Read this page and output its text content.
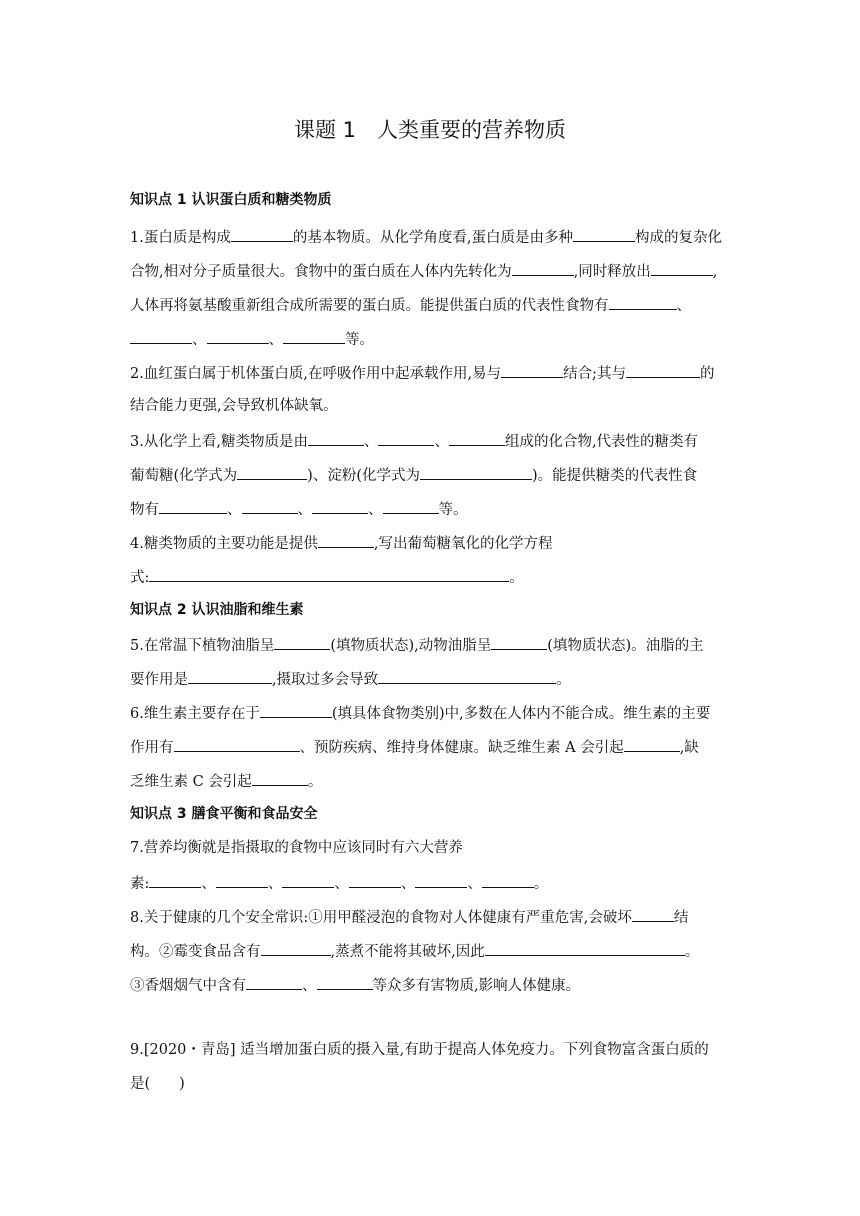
课题 1　人类重要的营养物质
知识点 1 认识蛋白质和糖类物质
1.蛋白质是构成	的基本物质。从化学角度看,蛋白质是由多种	构成的复杂化
合物,相对分子质量很大。食物中的蛋白质在人体内先转化为	,同时释放出	,
人体再将氨基酸重新组合成所需要的蛋白质。能提供蛋白质的代表性食物有	、
、	、	等。
2.血红蛋白属于机体蛋白质,在呼吸作用中起承载作用,易与	结合;其与	的
结合能力更强,会导致机体缺氧。
3.从化学上看,糖类物质是由	、	、	组成的化合物,代表性的糖类有
葡萄糖(化学式为	)、淀粉(化学式为	)。能提供糖类的代表性食
物有	、	、	、	等。
4.糖类物质的主要功能是提供	,写出葡萄糖氧化的化学方程
式:	。
知识点 2 认识油脂和维生素
5.在常温下植物油脂呈	(填物质状态),动物油脂呈	(填物质状态)。油脂的主
要作用是	,摄取过多会导致	。
6.维生素主要存在于	(填具体食物类别)中,多数在人体内不能合成。维生素的主要
作用有	、预防疾病、维持身体健康。缺乏维生素 A 会引起	,缺
乏维生素 C 会引起	。
知识点 3 膳食平衡和食品安全
7.营养均衡就是指摄取的食物中应该同时有六大营养
素:	、	、	、	、	、	。
8.关于健康的几个安全常识:①用甲醛浸泡的食物对人体健康有严重危害,会破坏	结
构。②霉变食品含有	,蒸煮不能将其破坏,因此	。
③香烟烟气中含有	、	等众多有害物质,影响人体健康。
9.[2020・青岛] 适当增加蛋白质的摄入量,有助于提高人体免疫力。下列食物富含蛋白质的
是(　　)
